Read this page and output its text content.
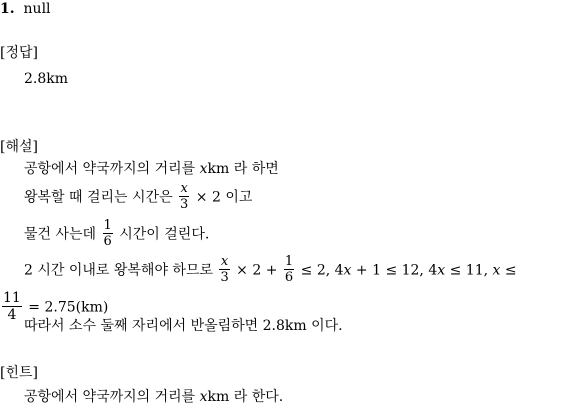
1. null
[정답]
2.8km
[해설]
공항에서 약국까지의 거리를 xkm 라 하면
왕복할 때 걸리는 시간은 $\frac{x}{3} \times 2$ 이고
물건 사는데 $\frac{1}{6}$ 시간이 걸린다.
2 시간 이내로 왕복해야 하므로 $\frac{x}{3} \times 2 + \frac{1}{6} \le 2$, 4x + 1 ≤ 12, 4x ≤ 11, x ≤
$\frac{11}{4} = 2.75(km)$
따라서 소수 둘째 자리에서 반올림하면 2.8km 이다.
[힌트]
공항에서 약국까지의 거리를 xkm 라 한다.
